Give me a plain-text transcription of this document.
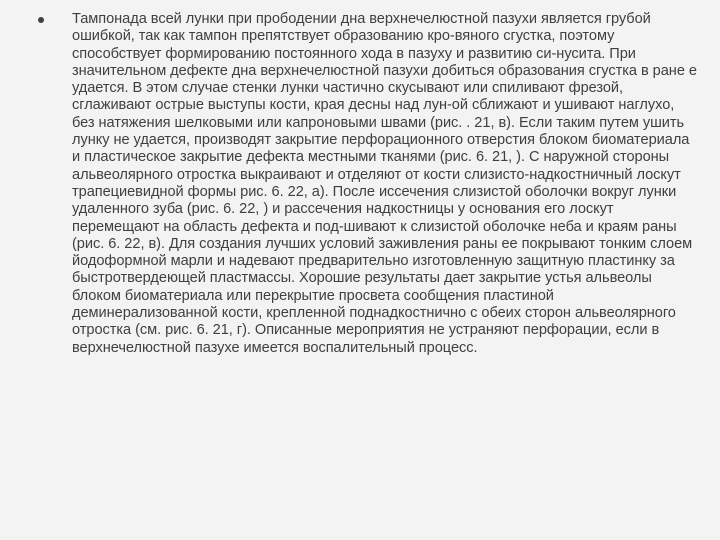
Тампонада всей лунки при прободении дна верхнечелюстной пазухи является грубой ошибкой, так как тампон препятствует образованию кро-вяного сгустка, поэтому способствует формированию постоянного хода в пазуху и развитию си-нусита. При значительном дефекте дна верхнечелюстной пазухи добиться образования сгустка в ране е удается. В этом случае стенки лунки частично скусывают или спиливают фрезой, сглаживают острые выступы кости, края десны над лун-ой сближают и ушивают наглухо, без натяжения шелковыми или капроновыми швами (рис. . 21, в). Если таким путем ушить лунку не удается, производят закрытие перфорационного отверстия блоком биоматериала и пластическое закрытие дефекта местными тканями (рис. 6. 21, ). С наружной стороны альвеолярного отростка выкраивают и отделяют от кости слизисто-надкостничный лоскут трапециевидной формы рис. 6. 22, а). После иссечения слизистой оболочки вокруг лунки удаленного зуба (рис. 6. 22, ) и рассечения надкостницы у основания его лоскут перемещают на область дефекта и под-шивают к слизистой оболочке неба и краям раны (рис. 6. 22, в). Для создания лучших условий заживления раны ее покрывают тонким слоем йодоформной марли и надевают предварительно изготовленную защитную пластинку за быстротвердеющей пластмассы. Хорошие результаты дает закрытие устья альвеолы блоком биоматериала или перекрытие просвета сообщения пластиной деминерализованной кости, крепленной поднадкостнично с обеих сторон альвеолярного отростка (см. рис. 6. 21, г). Описанные мероприятия не устраняют перфорации, если в верхнечелюстной пазухе имеется воспалительный процесс.
